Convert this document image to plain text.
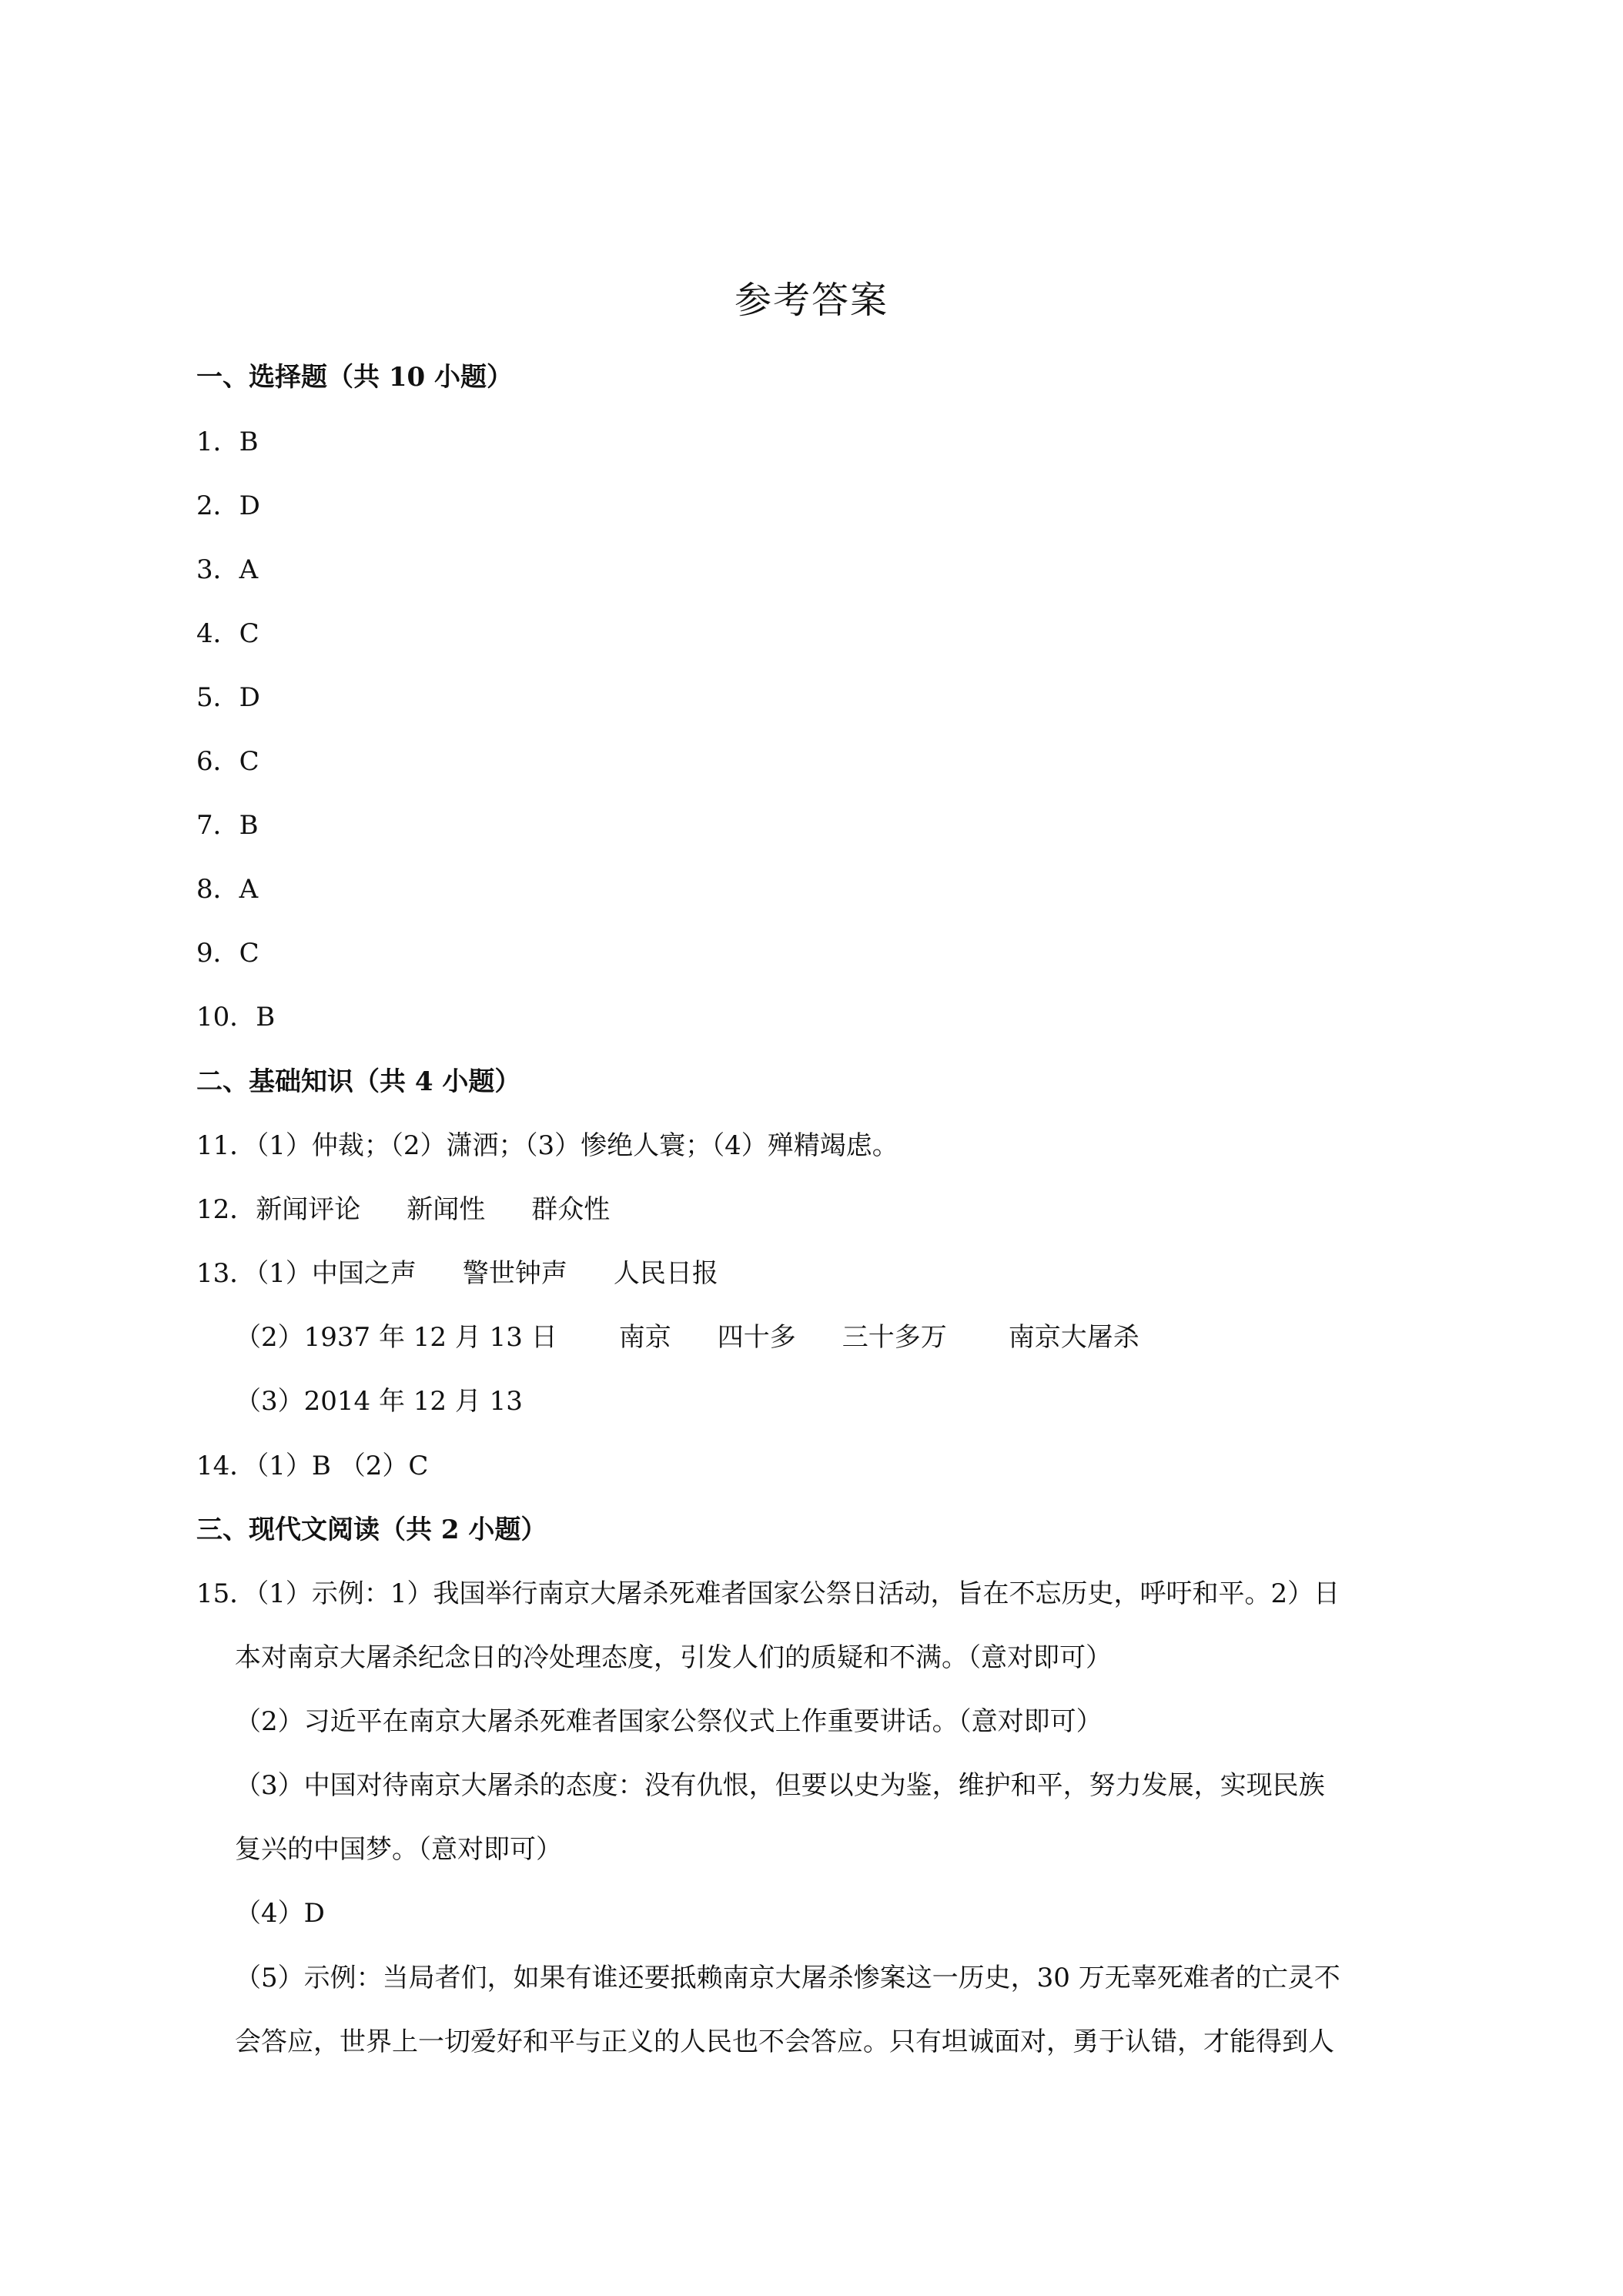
参考答案
一、选择题（共 10 小题）
1．B
2．D
3．A
4．C
5．D
6．C
7．B
8．A
9．C
10．B
二、基础知识（共 4 小题）
11．（1）仲裁；（2）潇洒；（3）惨绝人寰；（4）殚精竭虑。
12．新闻评论 新闻性 群众性
13．（1）中国之声 警世钟声 人民日报
（2）1937 年 12 月 13 日 南京 四十多 三十多万 南京大屠杀
（3）2014 年 12 月 13
14．（1）B （2）C
三、现代文阅读（共 2 小题）
15．（1）示例：1）我国举行南京大屠杀死难者国家公祭日活动，旨在不忘历史，呼吁和平。2）日
本对南京大屠杀纪念日的冷处理态度，引发人们的质疑和不满。（意对即可）
（2）习近平在南京大屠杀死难者国家公祭仪式上作重要讲话。（意对即可）
（3）中国对待南京大屠杀的态度：没有仇恨，但要以史为鉴，维护和平，努力发展，实现民族
复兴的中国梦。（意对即可）
（4）D
（5）示例：当局者们，如果有谁还要抵赖南京大屠杀惨案这一历史，30 万无辜死难者的亡灵不
会答应，世界上一切爱好和平与正义的人民也不会答应。只有坦诚面对，勇于认错，才能得到人
